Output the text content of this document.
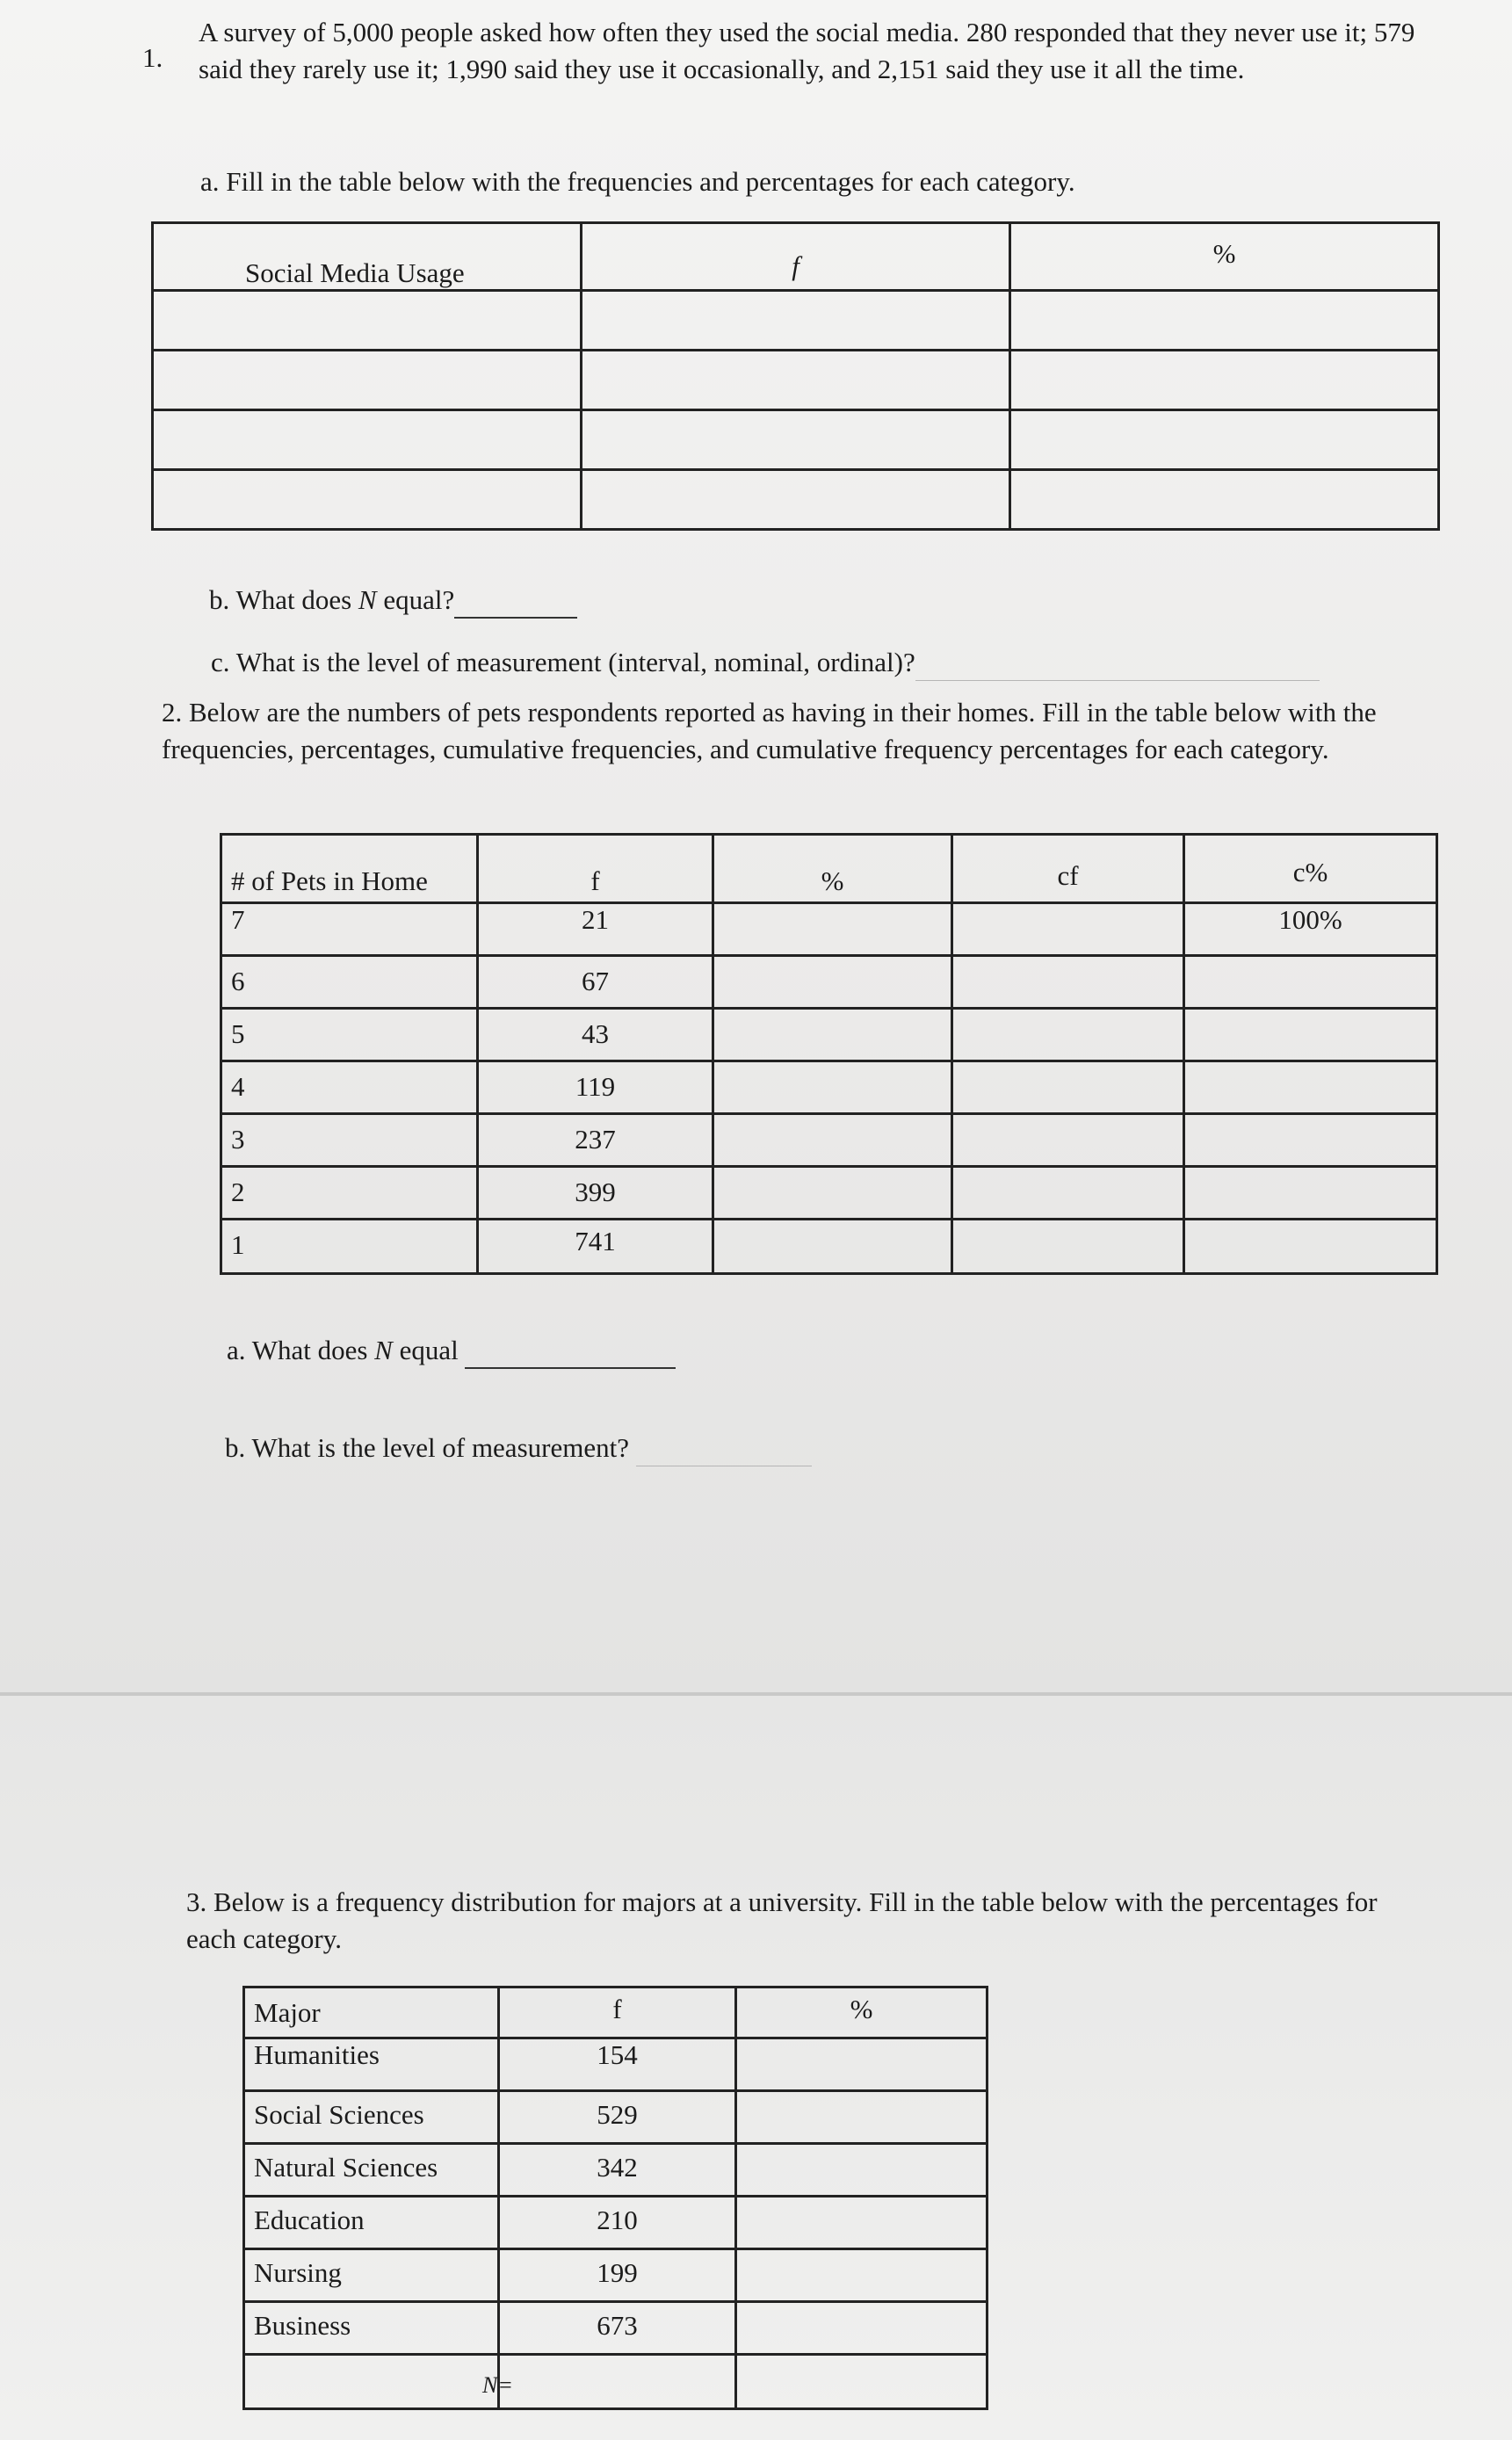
1.

A survey of 5,000 people asked how often they used the social media. 280 responded that they never use it; 579 said they rarely use it; 1,990 said they use it occasionally, and 2,151 said they use it all the time.

a. Fill in the table below with the frequencies and percentages for each category.

Social Media Usage	f	%

b. What does N equal?

c. What is the level of measurement (interval, nominal, ordinal)?

2. Below are the numbers of pets respondents reported as having in their homes. Fill in the table below with the frequencies, percentages, cumulative frequencies, and cumulative frequency percentages for each category.

# of Pets in Home	f	%	cf	c%
7	21			100%
6	67			
5	43			
4	119			
3	237			
2	399			
1	741			

a. What does N equal

b. What is the level of measurement?

3. Below is a frequency distribution for majors at a university. Fill in the table below with the percentages for each category.

Major	f	%
Humanities	154	
Social Sciences	529	
Natural Sciences	342	
Education	210	
Nursing	199	
Business	673	
	N=	
